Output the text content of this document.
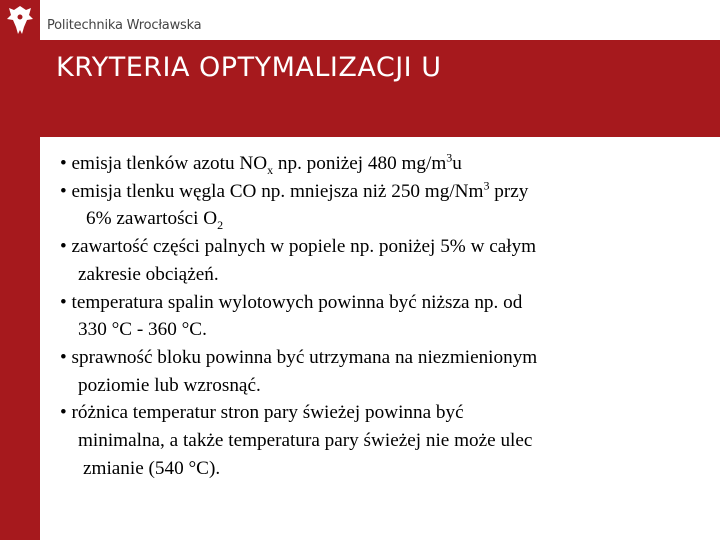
Politechnika Wrocławska
KRYTERIA OPTYMALIZACJI U
• emisja tlenków azotu $NO_x$ np. poniżej 480 $mg/m^3u$
• emisja tlenku węgla CO np. mniejsza niż 250 mg/Nm$^3$ przy
6% zawartości $O_2$
• zawartość części palnych w popiele np. poniżej 5% w całym
zakresie obciążeń.
• temperatura spalin wylotowych powinna być niższa np. od
330 °C - 360 °C.
• sprawność bloku powinna być utrzymana na niezmienionym
poziomie lub wzrosnąć.
• różnica temperatur stron pary świeżej powinna być
minimalna, a także temperatura pary świeżej nie może ulec
zmianie (540 °C).
